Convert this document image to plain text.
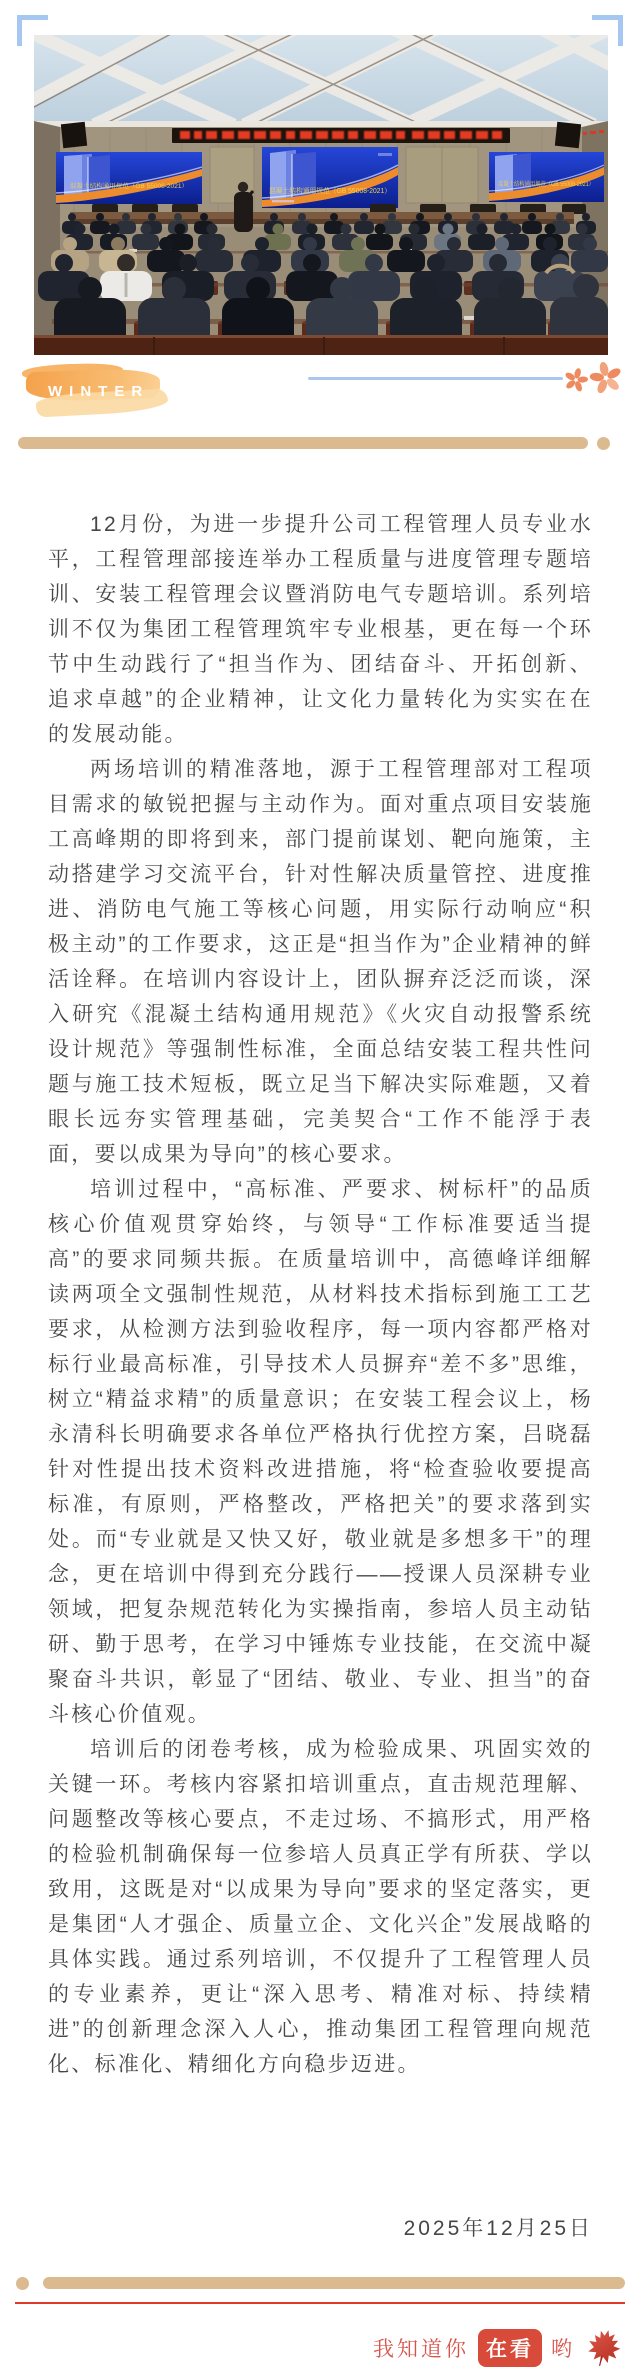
混凝土结构通用规范（GB 55008-2021）
混凝土结构通用规范（GB 55008-2021）
混凝土结构通用规范（GB 55008-2021）
WINTER

12月份，为进一步提升公司工程管理人员专业水平，工程管理部接连举办工程质量与进度管理专题培训、安装工程管理会议暨消防电气专题培训。系列培训不仅为集团工程管理筑牢专业根基，更在每一个环节中生动践行了“担当作为、团结奋斗、开拓创新、追求卓越”的企业精神，让文化力量转化为实实在在的发展动能。

两场培训的精准落地，源于工程管理部对工程项目需求的敏锐把握与主动作为。面对重点项目安装施工高峰期的即将到来，部门提前谋划、靶向施策，主动搭建学习交流平台，针对性解决质量管控、进度推进、消防电气施工等核心问题，用实际行动响应“积极主动”的工作要求，这正是“担当作为”企业精神的鲜活诠释。在培训内容设计上，团队摒弃泛泛而谈，深入研究《混凝土结构通用规范》《火灾自动报警系统设计规范》等强制性标准，全面总结安装工程共性问题与施工技术短板，既立足当下解决实际难题，又着眼长远夯实管理基础，完美契合“工作不能浮于表面，要以成果为导向”的核心要求。

培训过程中，“高标准、严要求、树标杆”的品质核心价值观贯穿始终，与领导“工作标准要适当提高”的要求同频共振。在质量培训中，高德峰详细解读两项全文强制性规范，从材料技术指标到施工工艺要求，从检测方法到验收程序，每一项内容都严格对标行业最高标准，引导技术人员摒弃“差不多”思维，树立“精益求精”的质量意识；在安装工程会议上，杨永清科长明确要求各单位严格执行优控方案，吕晓磊针对性提出技术资料改进措施，将“检查验收要提高标准，有原则，严格整改，严格把关”的要求落到实处。而“专业就是又快又好，敬业就是多想多干”的理念，更在培训中得到充分践行——授课人员深耕专业领域，把复杂规范转化为实操指南，参培人员主动钻研、勤于思考，在学习中锤炼专业技能，在交流中凝聚奋斗共识，彰显了“团结、敬业、专业、担当”的奋斗核心价值观。

培训后的闭卷考核，成为检验成果、巩固实效的关键一环。考核内容紧扣培训重点，直击规范理解、问题整改等核心要点，不走过场、不搞形式，用严格的检验机制确保每一位参培人员真正学有所获、学以致用，这既是对“以成果为导向”要求的坚定落实，更是集团“人才强企、质量立企、文化兴企”发展战略的具体实践。通过系列培训，不仅提升了工程管理人员的专业素养，更让“深入思考、精准对标、持续精进”的创新理念深入人心，推动集团工程管理向规范化、标准化、精细化方向稳步迈进。

2025年12月25日
我知道你 在看 哟
